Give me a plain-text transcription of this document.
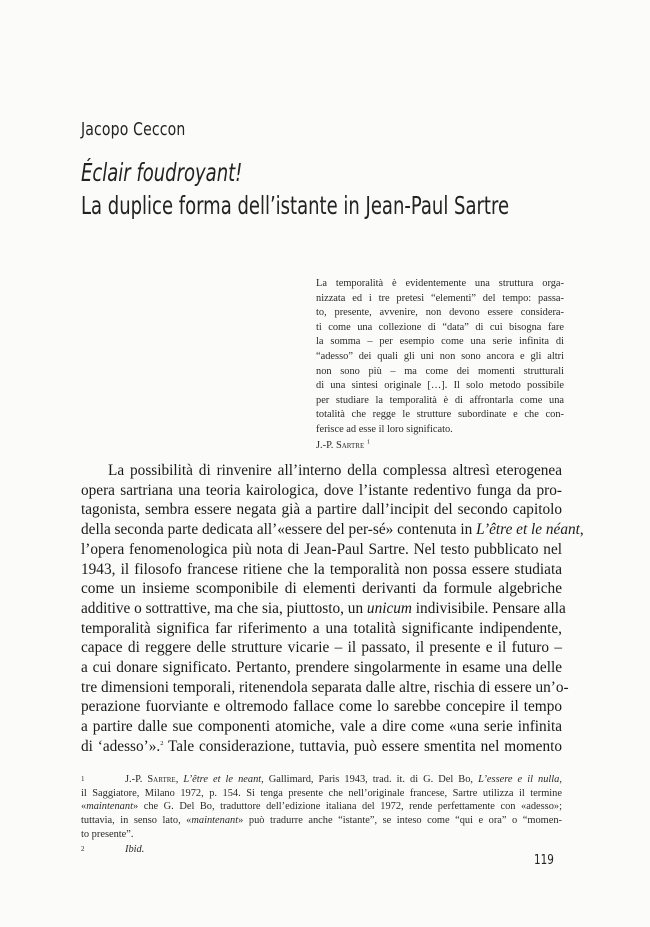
Jacopo Ceccon
Éclair foudroyant!
La duplice forma dell’istante in Jean-Paul Sartre
La temporalità è evidentemente una struttura orga-
nizzata ed i tre pretesi “elementi” del tempo: passa-
to, presente, avvenire, non devono essere considera-
ti come una collezione di “data” di cui bisogna fare
la somma – per esempio come una serie infinita di
“adesso” dei quali gli uni non sono ancora e gli altri
non sono più – ma come dei momenti strutturali
di una sintesi originale […]. Il solo metodo possibile
per studiare la temporalità è di affrontarla come una
totalità che regge le strutture subordinate e che con-
ferisce ad esse il loro significato.
J.-P. Sartre $^1$
La possibilità di rinvenire all’interno della complessa altresì eterogenea
opera sartriana una teoria kairologica, dove l’istante redentivo funga da pro-
tagonista, sembra essere negata già a partire dall’incipit del secondo capitolo
della seconda parte dedicata all’«essere del per-sé» contenuta in L’être et le néant,
l’opera fenomenologica più nota di Jean-Paul Sartre. Nel testo pubblicato nel
1943, il filosofo francese ritiene che la temporalità non possa essere studiata
come un insieme scomponibile di elementi derivanti da formule algebriche
additive o sottrattive, ma che sia, piuttosto, un unicum indivisibile. Pensare alla
temporalità significa far riferimento a una totalità significante indipendente,
capace di reggere delle strutture vicarie – il passato, il presente e il futuro –
a cui donare significato. Pertanto, prendere singolarmente in esame una delle
tre dimensioni temporali, ritenendola separata dalle altre, rischia di essere un’o-
perazione fuorviante e oltremodo fallace come lo sarebbe concepire il tempo
a partire dalle sue componenti atomiche, vale a dire come «una serie infinita
di ‘adesso’».$^2$ Tale considerazione, tuttavia, può essere smentita nel momento
1	J.-P. Sartre, L’être et le neant, Gallimard, Paris 1943, trad. it. di G. Del Bo, L’essere e il nulla,
il Saggiatore, Milano 1972, p. 154. Si tenga presente che nell’originale francese, Sartre utilizza il termine
«maintenant» che G. Del Bo, traduttore dell’edizione italiana del 1972, rende perfettamente con «adesso»;
tuttavia, in senso lato, «maintenant» può tradurre anche “istante”, se inteso come “qui e ora” o “momen-
to presente”.
2	Ibid.
119
